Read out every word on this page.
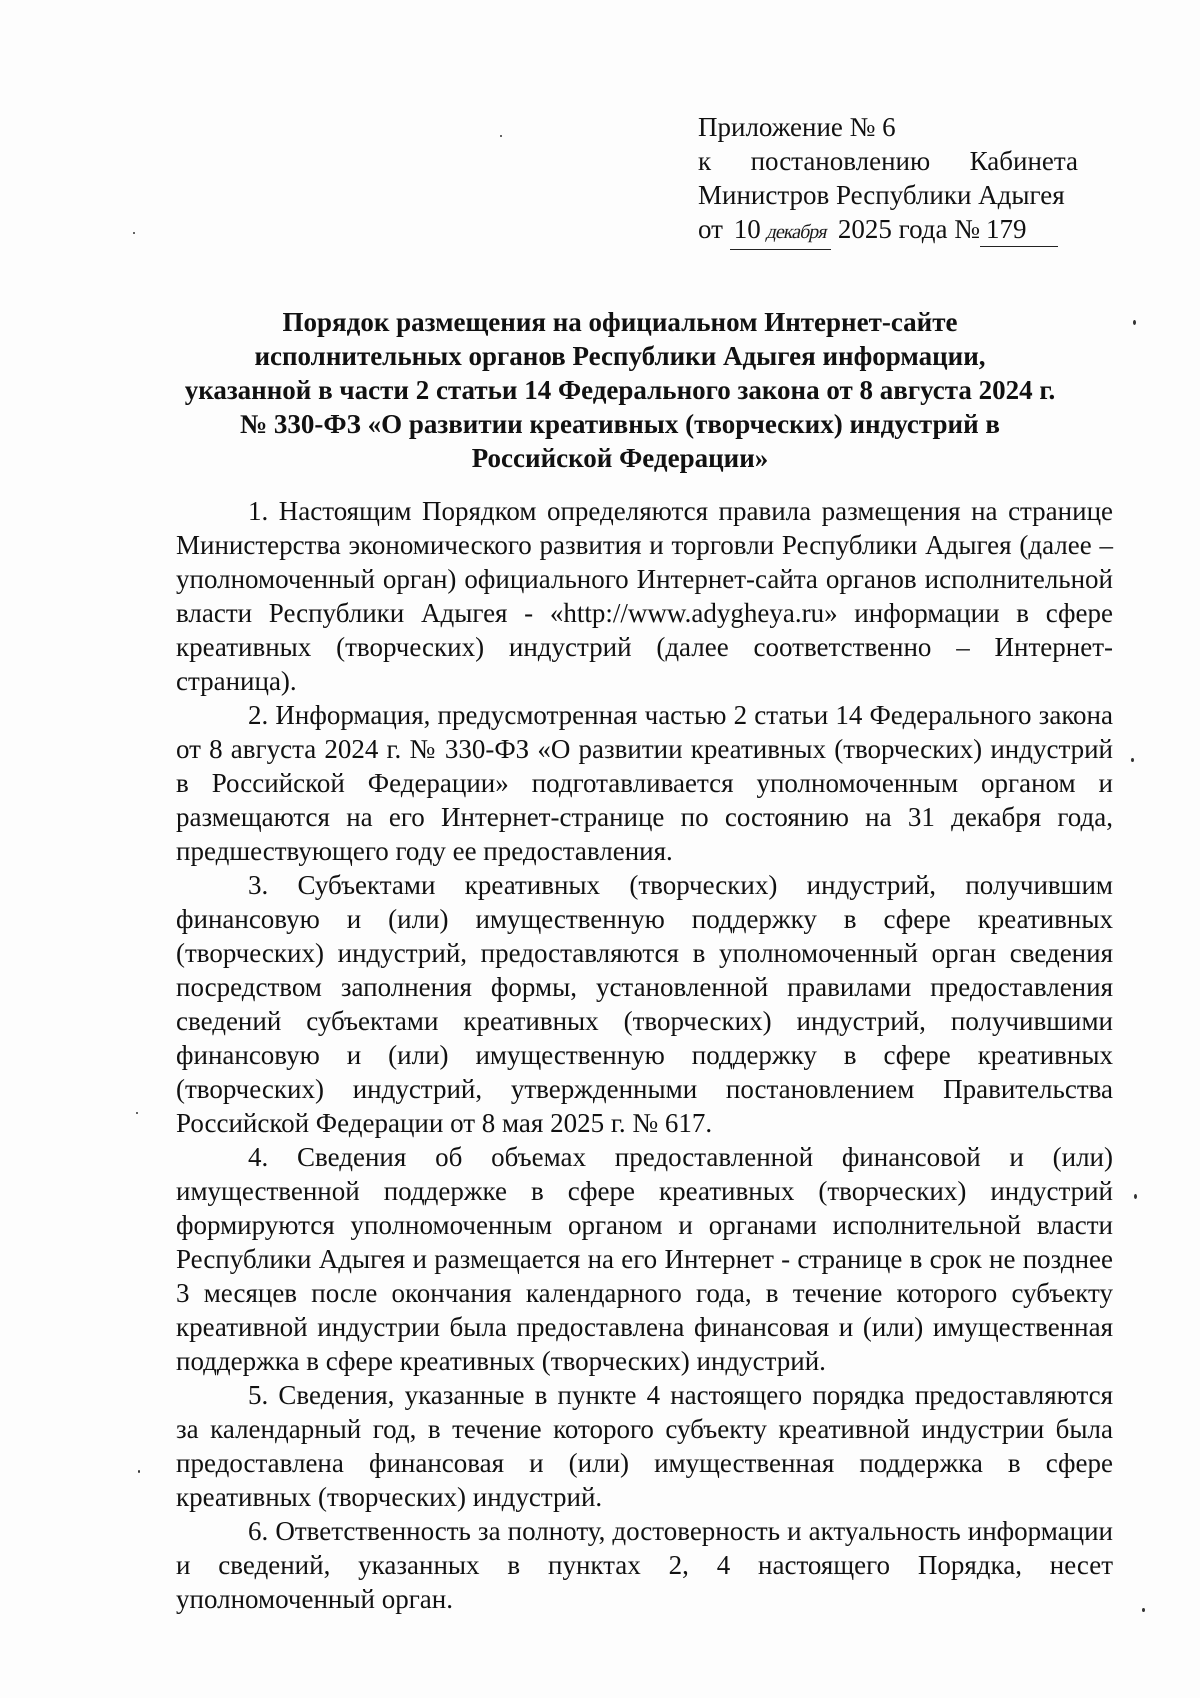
Приложение № 6
к постановлению Кабинета
Министров Республики Адыгея
от 10 декабря 2025 года № 179
Порядок размещения на официальном Интернет-сайте
исполнительных органов Республики Адыгея информации,
указанной в части 2 статьи 14 Федерального закона от 8 августа 2024 г.
№ 330-ФЗ «О развитии креативных (творческих) индустрий в
Российской Федерации»

1. Настоящим Порядком определяются правила размещения на странице Министерства экономического развития и торговли Республики Адыгея (далее – уполномоченный орган) официального Интернет-сайта органов исполнительной власти Республики Адыгея - «http://www.adygheya.ru» информации в сфере креативных (творческих) индустрий (далее соответственно – Интернет-страница).

2. Информация, предусмотренная частью 2 статьи 14 Федерального закона от 8 августа 2024 г. № 330-ФЗ «О развитии креативных (творческих) индустрий в Российской Федерации» подготавливается уполномоченным органом и размещаются на его Интернет-странице по состоянию на 31 декабря года, предшествующего году ее предоставления.

3. Субъектами креативных (творческих) индустрий, получившим финансовую и (или) имущественную поддержку в сфере креативных (творческих) индустрий, предоставляются в уполномоченный орган сведения посредством заполнения формы, установленной правилами предоставления сведений субъектами креативных (творческих) индустрий, получившими финансовую и (или) имущественную поддержку в сфере креативных (творческих) индустрий, утвержденными постановлением Правительства Российской Федерации от 8 мая 2025 г. № 617.

4. Сведения об объемах предоставленной финансовой и (или) имущественной поддержке в сфере креативных (творческих) индустрий формируются уполномоченным органом и органами исполнительной власти Республики Адыгея и размещается на его Интернет - странице в срок не позднее 3 месяцев после окончания календарного года, в течение которого субъекту креативной индустрии была предоставлена финансовая и (или) имущественная поддержка в сфере креативных (творческих) индустрий.

5. Сведения, указанные в пункте 4 настоящего порядка предоставляются за календарный год, в течение которого субъекту креативной индустрии была предоставлена финансовая и (или) имущественная поддержка в сфере креативных (творческих) индустрий.

6. Ответственность за полноту, достоверность и актуальность информации и сведений, указанных в пунктах 2, 4 настоящего Порядка, несет уполномоченный орган.
